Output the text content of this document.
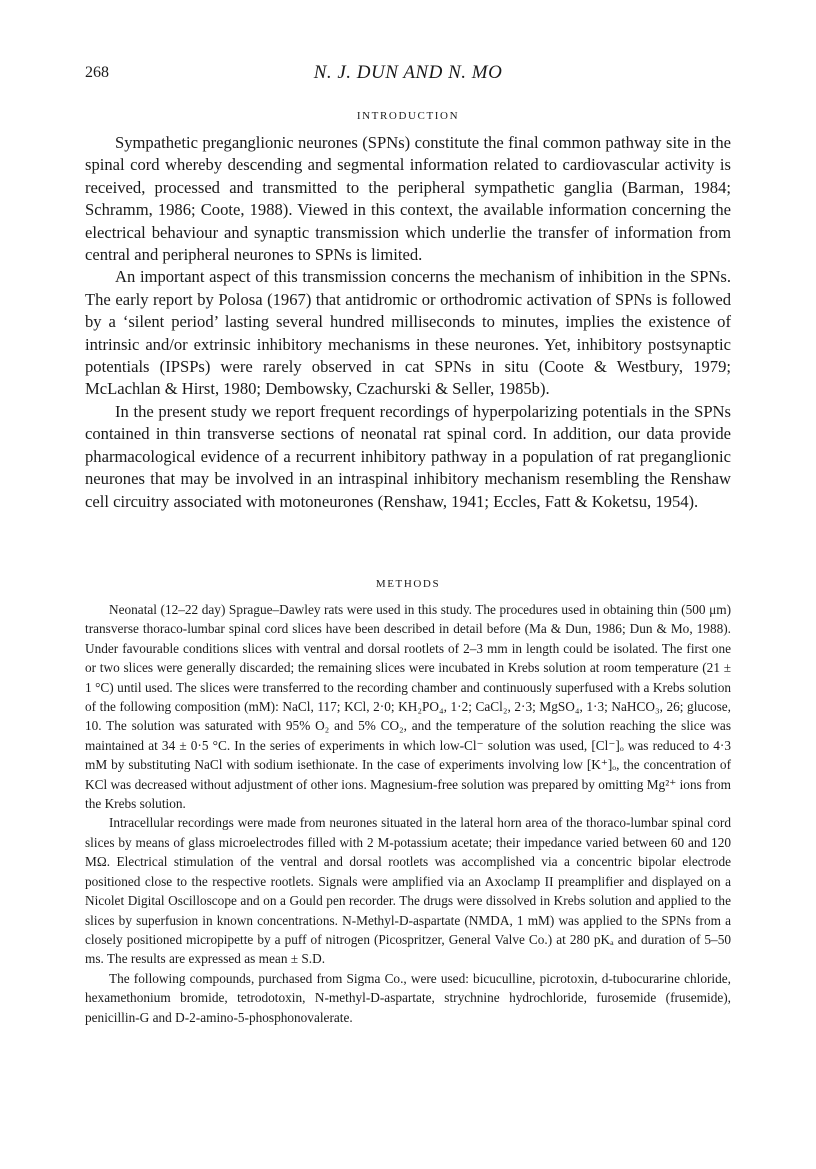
268	N. J. DUN AND N. MO
INTRODUCTION

Sympathetic preganglionic neurones (SPNs) constitute the final common pathway site in the spinal cord whereby descending and segmental information related to cardiovascular activity is received, processed and transmitted to the peripheral sympathetic ganglia (Barman, 1984; Schramm, 1986; Coote, 1988). Viewed in this context, the available information concerning the electrical behaviour and synaptic transmission which underlie the transfer of information from central and peripheral neurones to SPNs is limited.

An important aspect of this transmission concerns the mechanism of inhibition in the SPNs. The early report by Polosa (1967) that antidromic or orthodromic activation of SPNs is followed by a ‘silent period’ lasting several hundred milliseconds to minutes, implies the existence of intrinsic and/or extrinsic inhibitory mechanisms in these neurones. Yet, inhibitory postsynaptic potentials (IPSPs) were rarely observed in cat SPNs in situ (Coote & Westbury, 1979; McLachlan & Hirst, 1980; Dembowsky, Czachurski & Seller, 1985b).

In the present study we report frequent recordings of hyperpolarizing potentials in the SPNs contained in thin transverse sections of neonatal rat spinal cord. In addition, our data provide pharmacological evidence of a recurrent inhibitory pathway in a population of rat preganglionic neurones that may be involved in an intraspinal inhibitory mechanism resembling the Renshaw cell circuitry associated with motoneurones (Renshaw, 1941; Eccles, Fatt & Koketsu, 1954).

METHODS

Neonatal (12–22 day) Sprague–Dawley rats were used in this study. The procedures used in obtaining thin (500 μm) transverse thoraco-lumbar spinal cord slices have been described in detail before (Ma & Dun, 1986; Dun & Mo, 1988). Under favourable conditions slices with ventral and dorsal rootlets of 2–3 mm in length could be isolated. The first one or two slices were generally discarded; the remaining slices were incubated in Krebs solution at room temperature (21 ± 1 °C) until used. The slices were transferred to the recording chamber and continuously superfused with a Krebs solution of the following composition (mM): NaCl, 117; KCl, 2·0; KH₂PO₄, 1·2; CaCl₂, 2·3; MgSO₄, 1·3; NaHCO₃, 26; glucose, 10. The solution was saturated with 95% O₂ and 5% CO₂, and the temperature of the solution reaching the slice was maintained at 34 ± 0·5 °C. In the series of experiments in which low-Cl⁻ solution was used, [Cl⁻]ₒ was reduced to 4·3 mM by substituting NaCl with sodium isethionate. In the case of experiments involving low [K⁺]ₒ, the concentration of KCl was decreased without adjustment of other ions. Magnesium-free solution was prepared by omitting Mg²⁺ ions from the Krebs solution.

Intracellular recordings were made from neurones situated in the lateral horn area of the thoraco-lumbar spinal cord slices by means of glass microelectrodes filled with 2 M-potassium acetate; their impedance varied between 60 and 120 MΩ. Electrical stimulation of the ventral and dorsal rootlets was accomplished via a concentric bipolar electrode positioned close to the respective rootlets. Signals were amplified via an Axoclamp II preamplifier and displayed on a Nicolet Digital Oscilloscope and on a Gould pen recorder. The drugs were dissolved in Krebs solution and applied to the slices by superfusion in known concentrations. N-Methyl-D-aspartate (NMDA, 1 mM) was applied to the SPNs from a closely positioned micropipette by a puff of nitrogen (Picospritzer, General Valve Co.) at 280 pKₐ and duration of 5–50 ms. The results are expressed as mean ± S.D.

The following compounds, purchased from Sigma Co., were used: bicuculline, picrotoxin, d-tubocurarine chloride, hexamethonium bromide, tetrodotoxin, N-methyl-D-aspartate, strychnine hydrochloride, furosemide (frusemide), penicillin-G and D-2-amino-5-phosphonovalerate.
